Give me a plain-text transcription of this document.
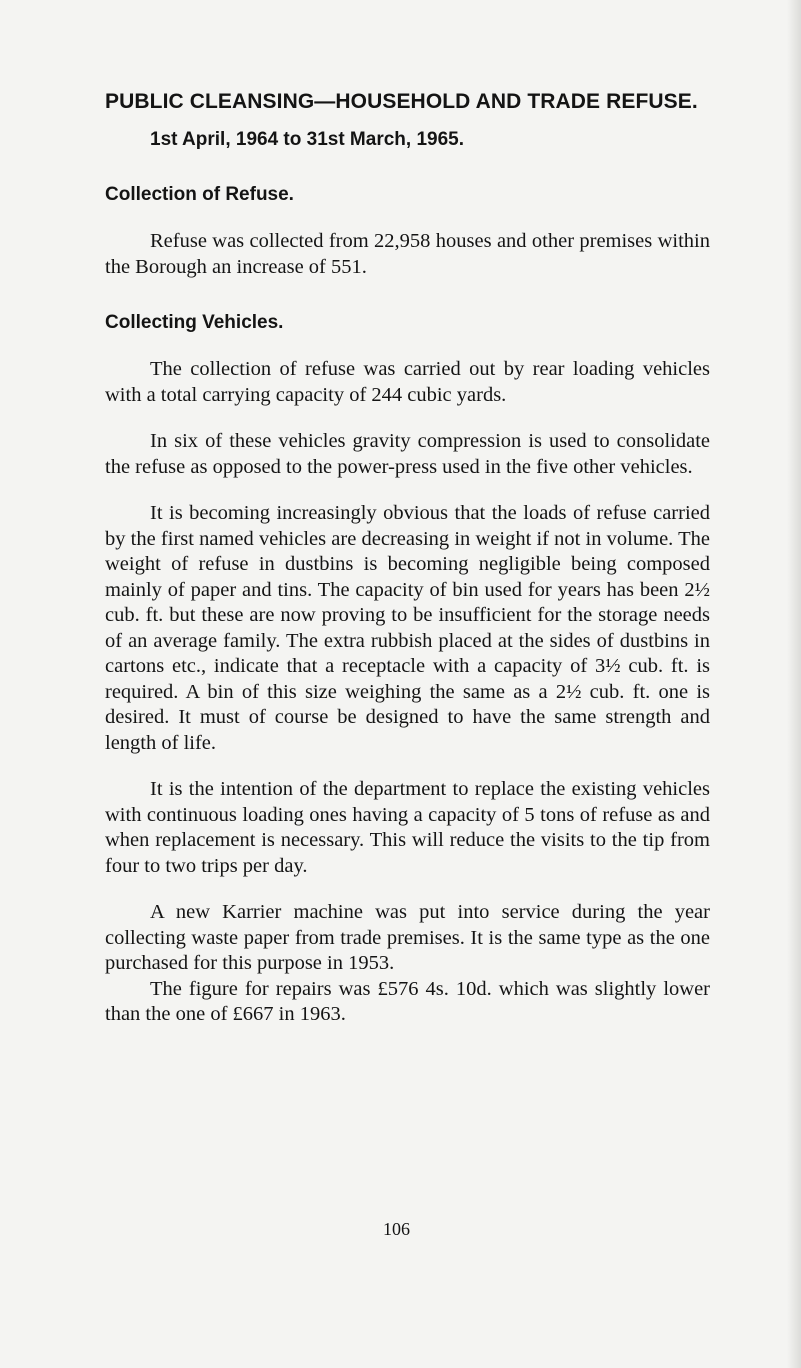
PUBLIC CLEANSING—HOUSEHOLD AND TRADE REFUSE.
1st April, 1964 to 31st March, 1965.
Collection of Refuse.

Refuse was collected from 22,958 houses and other premises within the Borough an increase of 551.

Collecting Vehicles.

The collection of refuse was carried out by rear loading vehicles with a total carrying capacity of 244 cubic yards.

In six of these vehicles gravity compression is used to consolidate the refuse as opposed to the power-press used in the five other vehicles.

It is becoming increasingly obvious that the loads of refuse carried by the first named vehicles are decreasing in weight if not in volume. The weight of refuse in dustbins is becoming negligible being composed mainly of paper and tins. The capacity of bin used for years has been 2½ cub. ft. but these are now proving to be insufficient for the storage needs of an average family. The extra rubbish placed at the sides of dustbins in cartons etc., indicate that a receptacle with a capacity of 3½ cub. ft. is required. A bin of this size weighing the same as a 2½ cub. ft. one is desired. It must of course be designed to have the same strength and length of life.

It is the intention of the department to replace the existing vehicles with continuous loading ones having a capacity of 5 tons of refuse as and when replacement is necessary. This will reduce the visits to the tip from four to two trips per day.

A new Karrier machine was put into service during the year collecting waste paper from trade premises. It is the same type as the one purchased for this purpose in 1953.

The figure for repairs was £576 4s. 10d. which was slightly lower than the one of £667 in 1963.

106
